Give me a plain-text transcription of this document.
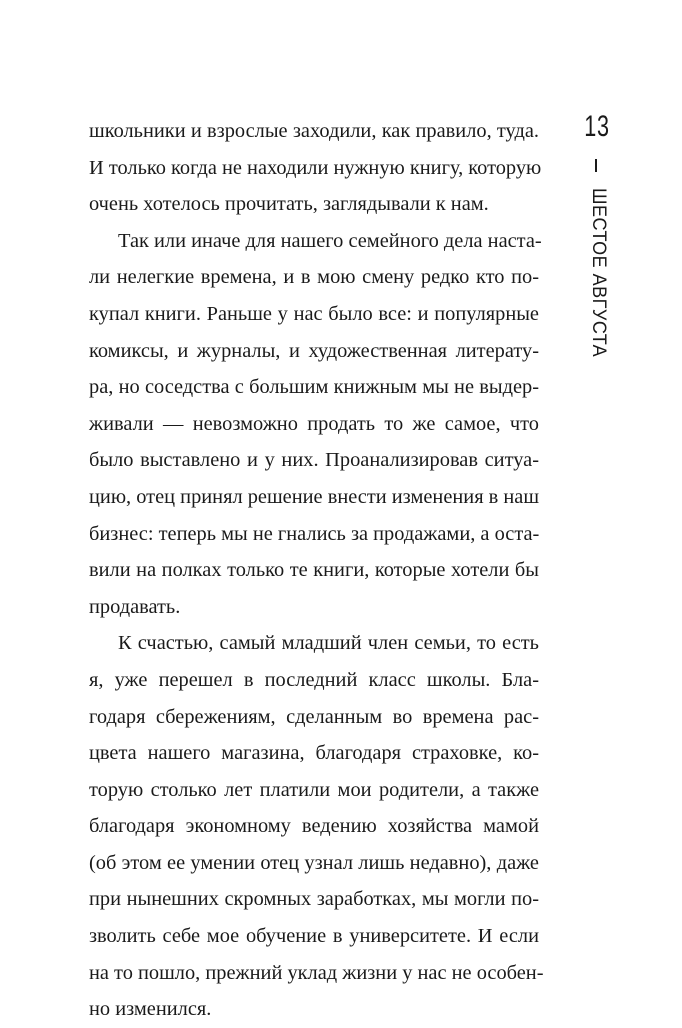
школьники и взрослые заходили, как правило, туда.
И только когда не находили нужную книгу, которую
очень хотелось прочитать, заглядывали к нам.
Так или иначе для нашего семейного дела наста-
ли нелегкие времена, и в мою смену редко кто по-
купал книги. Раньше у нас было все: и популярные
комиксы, и журналы, и художественная литерату-
ра, но соседства с большим книжным мы не выдер-
живали — невозможно продать то же самое, что
было выставлено и у них. Проанализировав ситуа-
цию, отец принял решение внести изменения в наш
бизнес: теперь мы не гнались за продажами, а оста-
вили на полках только те книги, которые хотели бы
продавать.
К счастью, самый младший член семьи, то есть
я, уже перешел в последний класс школы. Бла-
годаря сбережениям, сделанным во времена рас-
цвета нашего магазина, благодаря страховке, ко-
торую столько лет платили мои родители, а также
благодаря экономному ведению хозяйства мамой
(об этом ее умении отец узнал лишь недавно), даже
при нынешних скромных заработках, мы могли по-
зволить себе мое обучение в университете. И если
на то пошло, прежний уклад жизни у нас не особен-
но изменился.
13
ШЕСТОЕ АВГУСТА
